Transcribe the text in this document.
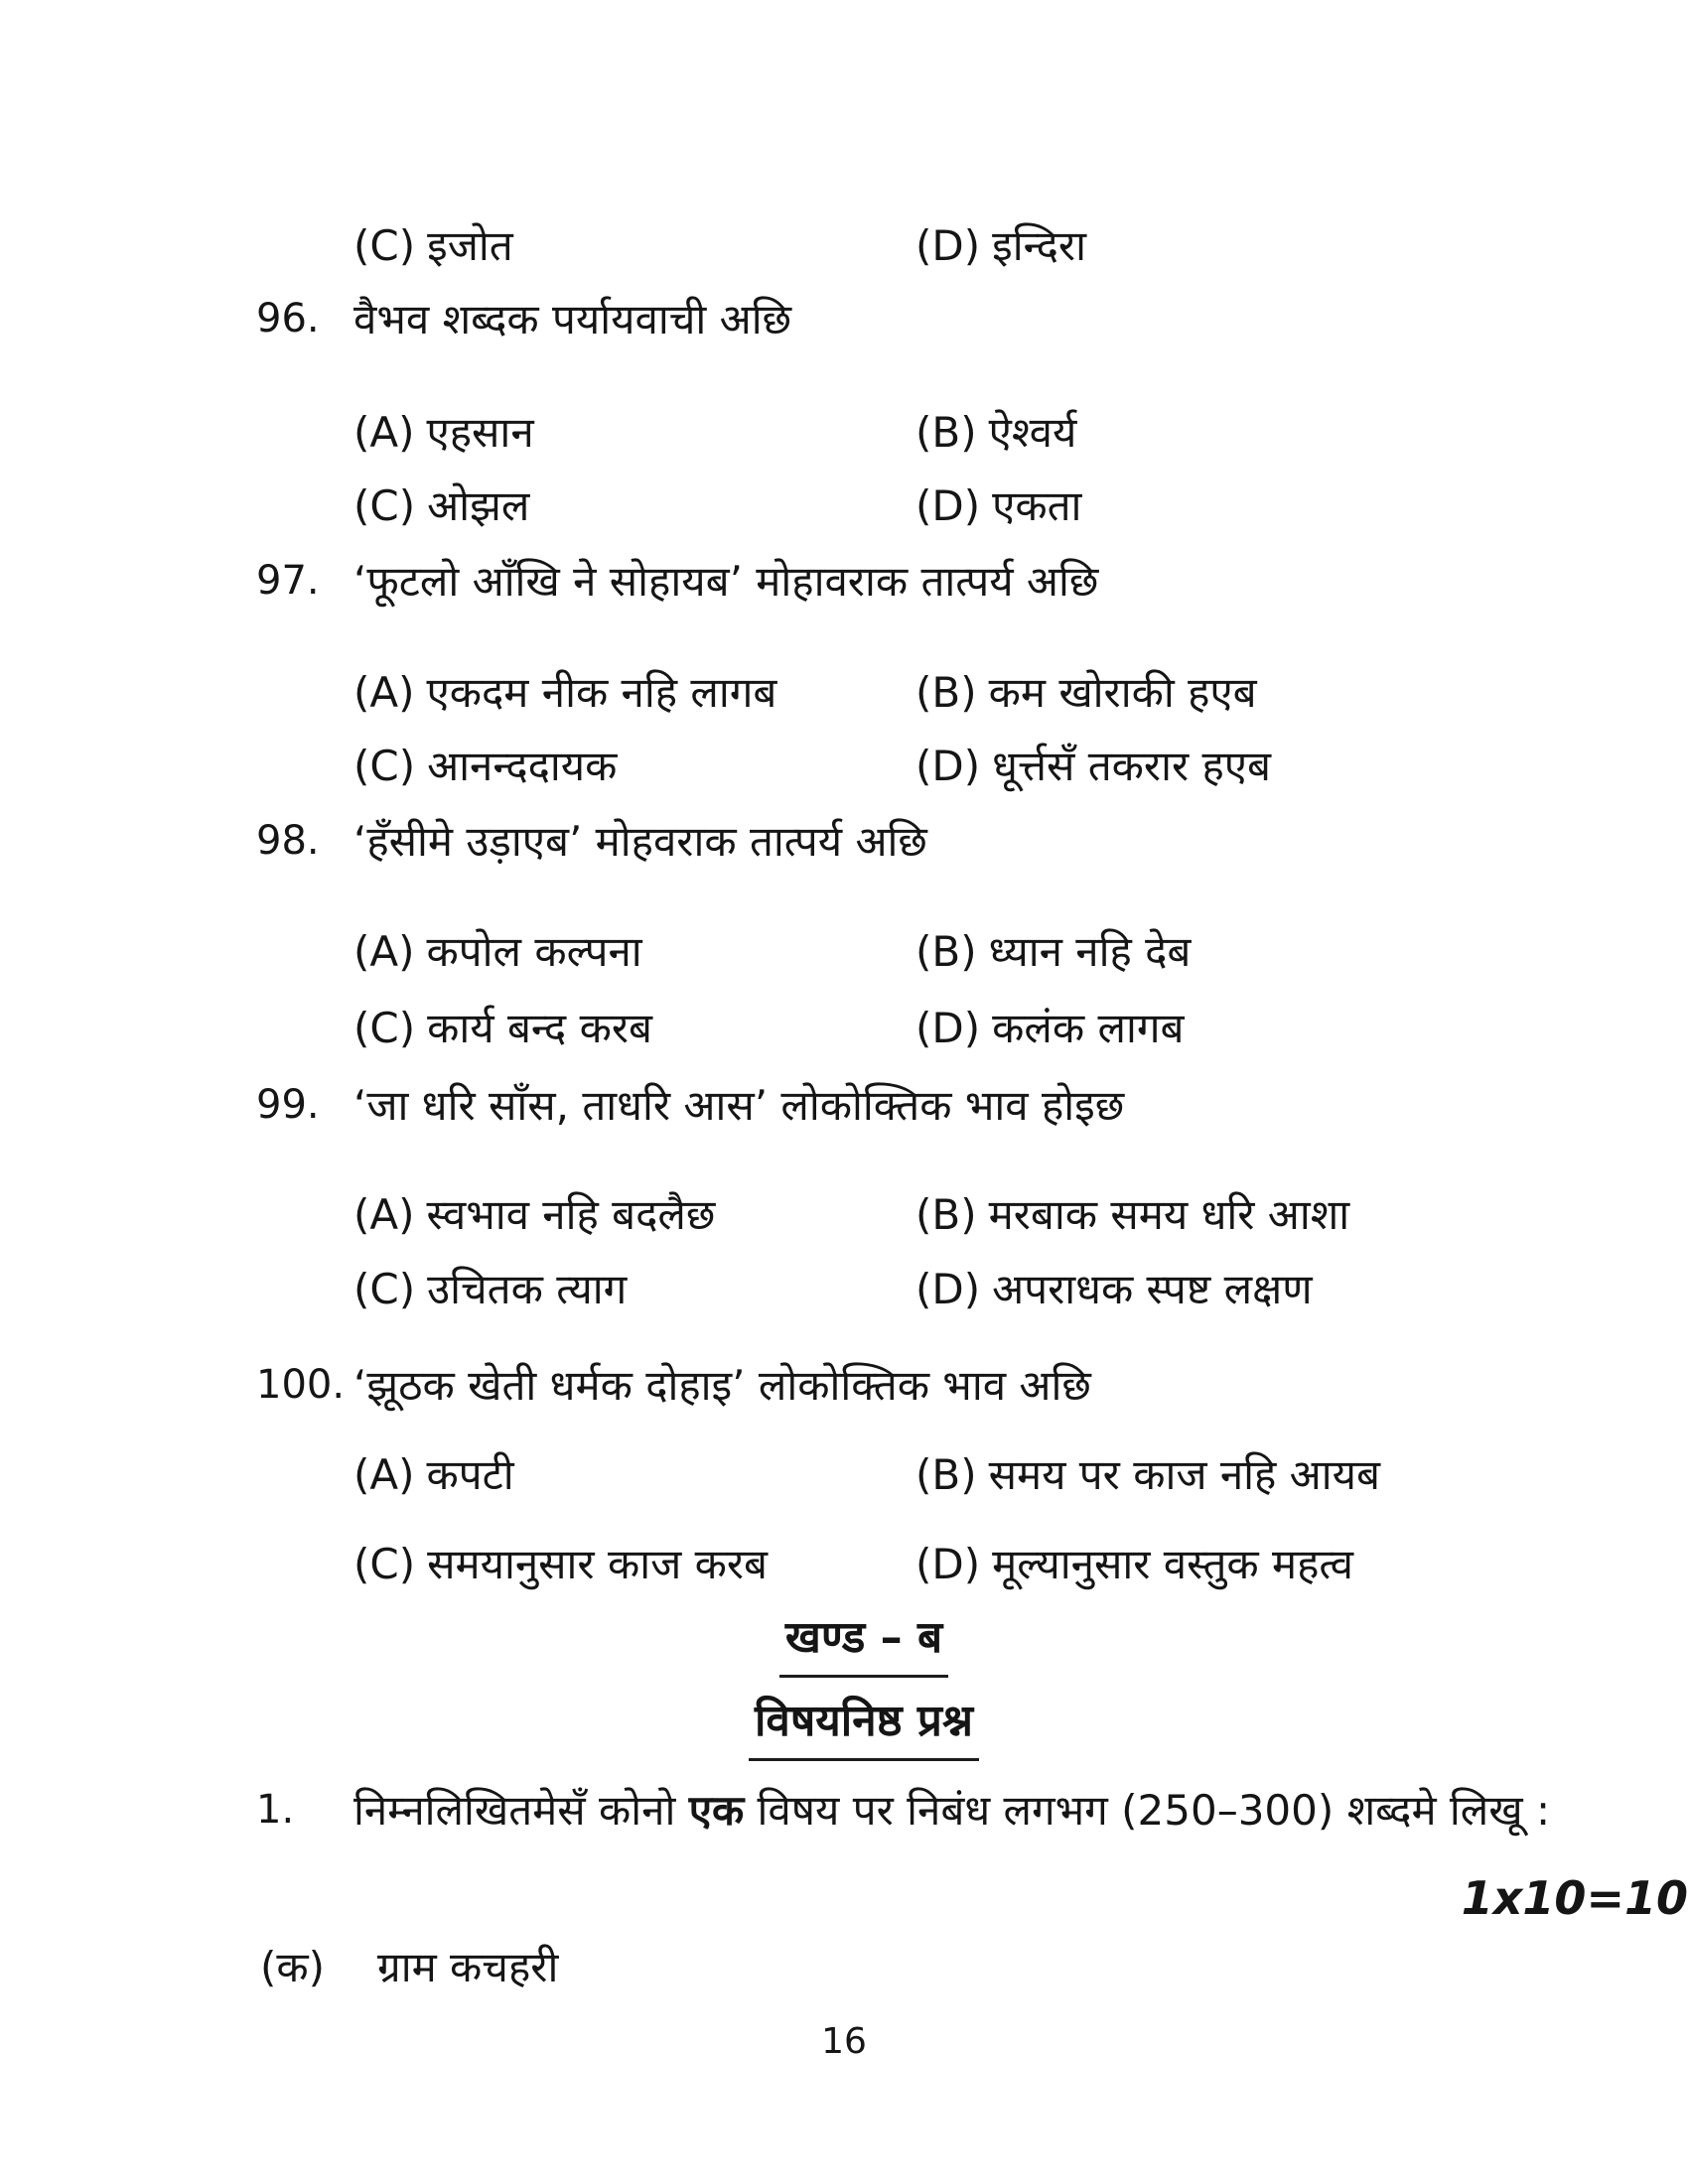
(C) इजोत	(D) इन्दिरा
96. वैभव शब्दक पर्यायवाची अछि
(A) एहसान	(B) ऐश्वर्य
(C) ओझल	(D) एकता
97. ‘फूटलो आँखि ने सोहायब’ मोहावराक तात्पर्य अछि
(A) एकदम नीक नहि लागब	(B) कम खोराकी हएब
(C) आनन्ददायक	(D) धूर्त्तसँ तकरार हएब
98. ‘हँसीमे उड़ाएब’ मोहवराक तात्पर्य अछि
(A) कपोल कल्पना	(B) ध्यान नहि देब
(C) कार्य बन्द करब	(D) कलंक लागब
99. ‘जा धरि साँस, ताधरि आस’ लोकोक्तिक भाव होइछ
(A) स्वभाव नहि बदलैछ	(B) मरबाक समय धरि आशा
(C) उचितक त्याग	(D) अपराधक स्पष्ट लक्षण
100. ‘झूठक खेती धर्मक दोहाइ’ लोकोक्तिक भाव अछि
(A) कपटी	(B) समय पर काज नहि आयब
(C) समयानुसार काज करब	(D) मूल्यानुसार वस्तुक महत्व
खण्ड – ब
विषयनिष्ठ प्रश्न
1. निम्नलिखितमेसँ कोनो एक विषय पर निबंध लगभग (250–300) शब्दमे लिखू :
1x10=10
(क) ग्राम कचहरी
16
